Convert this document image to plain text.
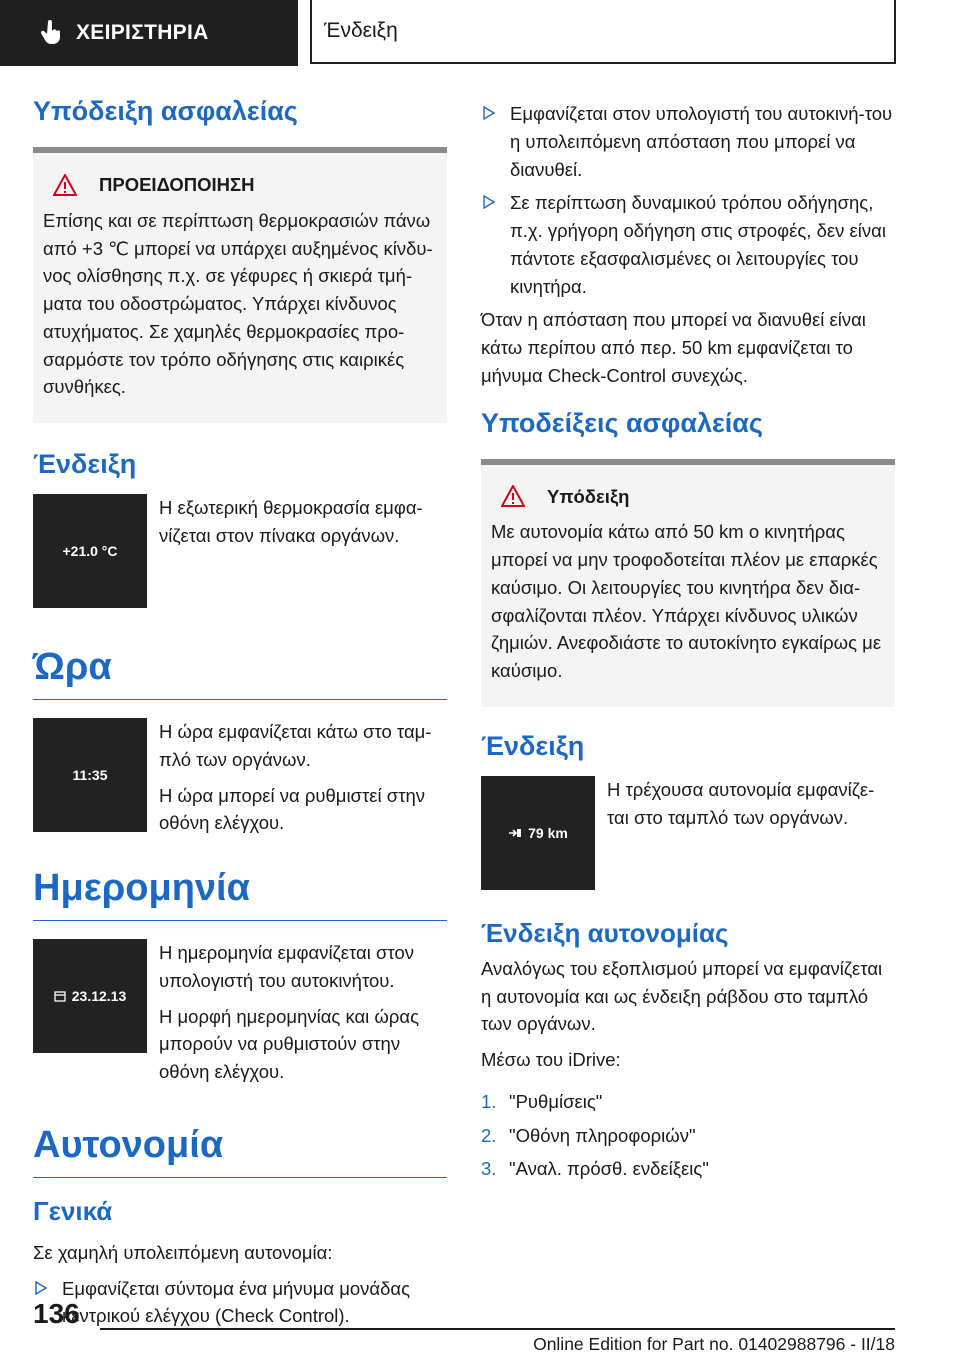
ΧΕΙΡΙΣΤΗΡΙΑ	Ένδειξη
Υπόδειξη ασφαλείας
ΠΡΟΕΙΔΟΠΟΙΗΣΗ
Επίσης και σε περίπτωση θερμοκρασιών πάνω
από +3 ℃ μπορεί να υπάρχει αυξημένος κίνδυ-
νος ολίσθησης π.χ. σε γέφυρες ή σκιερά τμή-
ματα του οδοστρώματος. Υπάρχει κίνδυνος
ατυχήματος. Σε χαμηλές θερμοκρασίες προ-
σαρμόστε τον τρόπο οδήγησης στις καιρικές
συνθήκες.
Ένδειξη
+21.0 °C

Η εξωτερική θερμοκρασία εμφα-νίζεται στον πίνακα οργάνων.

Ώρα
11:35

Η ώρα εμφανίζεται κάτω στο ταμ-πλό των οργάνων.

Η ώρα μπορεί να ρυθμιστεί στην οθόνη ελέγχου.

Ημερομηνία
23.12.13

Η ημερομηνία εμφανίζεται στον υπολογιστή του αυτοκινήτου.

Η μορφή ημερομηνίας και ώρας μπορούν να ρυθμιστούν στην οθόνη ελέγχου.

Αυτονομία
Γενικά

Σε χαμηλή υπολειπόμενη αυτονομία:

Εμφανίζεται σύντομα ένα μήνυμα μονάδας κεντρικού ελέγχου (Check Control).
Εμφανίζεται στον υπολογιστή του αυτοκινή-του η υπολειπόμενη απόσταση που μπορεί να διανυθεί.
Σε περίπτωση δυναμικού τρόπου οδήγησης, π.χ. γρήγορη οδήγηση στις στροφές, δεν είναι πάντοτε εξασφαλισμένες οι λειτουργίες του κινητήρα.

Όταν η απόσταση που μπορεί να διανυθεί είναι κάτω περίπου από περ. 50 km εμφανίζεται το μήνυμα Check-Control συνεχώς.

Υποδείξεις ασφαλείας
Υπόδειξη
Με αυτονομία κάτω από 50 km ο κινητήρας μπορεί να μην τροφοδοτείται πλέον με επαρκές καύσιμο. Οι λειτουργίες του κινητήρα δεν δια-σφαλίζονται πλέον. Υπάρχει κίνδυνος υλικών ζημιών. Ανεφοδιάστε το αυτοκίνητο εγκαίρως με καύσιμο.
Ένδειξη
79 km

Η τρέχουσα αυτονομία εμφανίζε-ται στο ταμπλό των οργάνων.

Ένδειξη αυτονομίας

Αναλόγως του εξοπλισμού μπορεί να εμφανίζεται η αυτονομία και ως ένδειξη ράβδου στο ταμπλό των οργάνων.

Μέσω του iDrive:

1. "Ρυθμίσεις"
2. "Οθόνη πληροφοριών"
3. "Αναλ. πρόσθ. ενδείξεις"
136
Online Edition for Part no. 01402988796 - II/18
